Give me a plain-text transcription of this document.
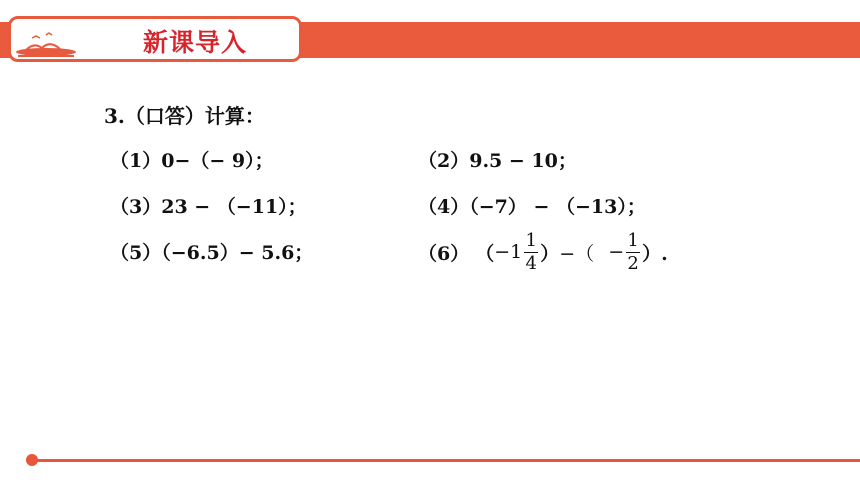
新课导入
3.（口答）计算：
（1）0−（− 9）；	（2）9.5 − 10；
（3）23 − （−11）；	（4）（−7） − （−13）；
（5）（−6.5）− 5.6；	（6） （ $-1 \frac{1}{4}$ ） −（ − $\frac{1}{2}$ ）.
